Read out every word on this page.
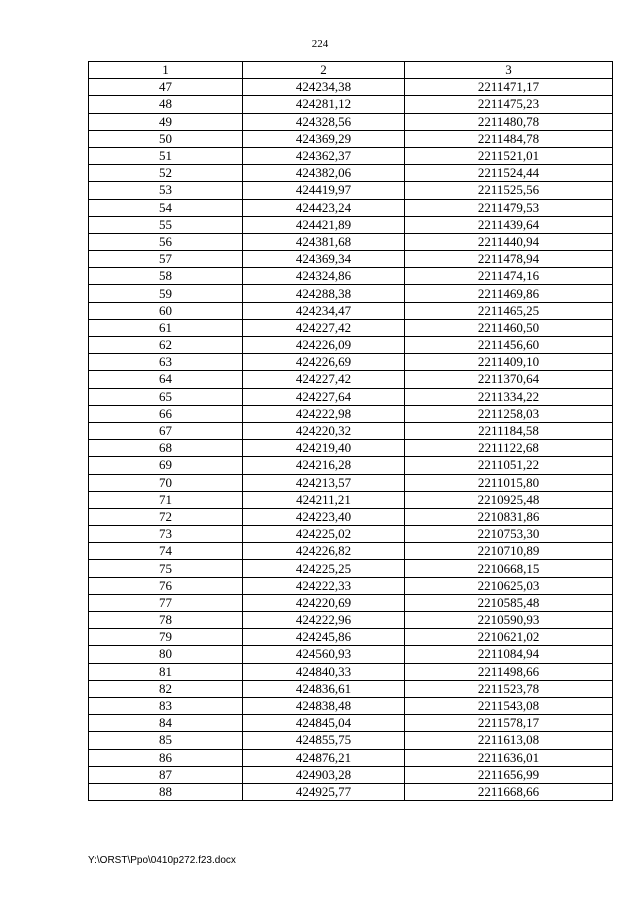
224
1	2	3
47	424234,38	2211471,17
48	424281,12	2211475,23
49	424328,56	2211480,78
50	424369,29	2211484,78
51	424362,37	2211521,01
52	424382,06	2211524,44
53	424419,97	2211525,56
54	424423,24	2211479,53
55	424421,89	2211439,64
56	424381,68	2211440,94
57	424369,34	2211478,94
58	424324,86	2211474,16
59	424288,38	2211469,86
60	424234,47	2211465,25
61	424227,42	2211460,50
62	424226,09	2211456,60
63	424226,69	2211409,10
64	424227,42	2211370,64
65	424227,64	2211334,22
66	424222,98	2211258,03
67	424220,32	2211184,58
68	424219,40	2211122,68
69	424216,28	2211051,22
70	424213,57	2211015,80
71	424211,21	2210925,48
72	424223,40	2210831,86
73	424225,02	2210753,30
74	424226,82	2210710,89
75	424225,25	2210668,15
76	424222,33	2210625,03
77	424220,69	2210585,48
78	424222,96	2210590,93
79	424245,86	2210621,02
80	424560,93	2211084,94
81	424840,33	2211498,66
82	424836,61	2211523,78
83	424838,48	2211543,08
84	424845,04	2211578,17
85	424855,75	2211613,08
86	424876,21	2211636,01
87	424903,28	2211656,99
88	424925,77	2211668,66
Y:\ORST\Ppo\0410p272.f23.docx
